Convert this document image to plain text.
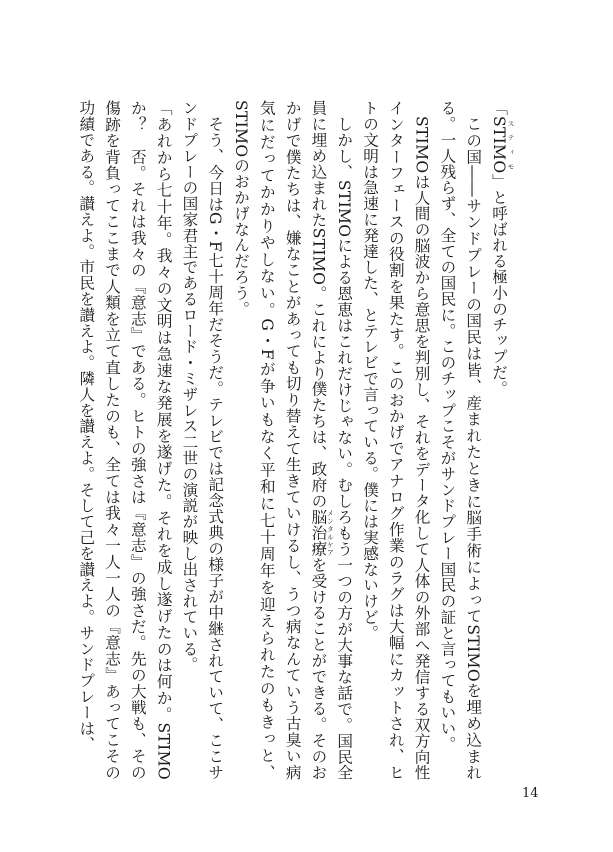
「STIMO スティモ」と呼ばれる極小のチップだ。

この国――サンドプレーの国民は皆、産まれたときに脳手術によってSTIMOを埋め込まれる。一人残らず、全ての国民に。このチップこそがサンドプレー国民の証と言ってもいい。

STIMOは人間の脳波から意思を判別し、それをデータ化して人体の外部へ発信する双方向性インターフェースの役割を果たす。このおかげでアナログ作業のラグは大幅にカットされ、ヒトの文明は急速に発達した、とテレビで言っている。僕には実感ないけど。

しかし、STIMOによる恩恵はこれだけじゃない。むしろもう一つの方が大事な話で。国民全員に埋め込まれたSTIMO。これにより僕たちは、政府の脳治療 メンタルケアを受けることができる。そのおかげで僕たちは、嫌なことがあっても切り替えて生きていけるし、うつ病なんていう古臭い病気にだってかかりやしない。G・Fが争いもなく平和に七十周年を迎えられたのもきっと、STIMOのおかげなんだろう。

そう、今日はG・F七十周年だそうだ。テレビでは記念式典の様子が中継されていて、ここサンドプレーの国家君主であるロード・ミザレス二世の演説が映し出されている。

「あれから七十年。我々の文明は急速な発展を遂げた。それを成し遂げたのは何か。STIMOか？　否。それは我々の『意志』である。ヒトの強さは『意志』の強さだ。先の大戦も、その傷跡を背負ってここまで人類を立て直したのも、全ては我々一人一人の『意志』あってこその功績である。讃えよ。市民を讃えよ。隣人を讃えよ。そして己を讃えよ。サンドプレーは、

14
